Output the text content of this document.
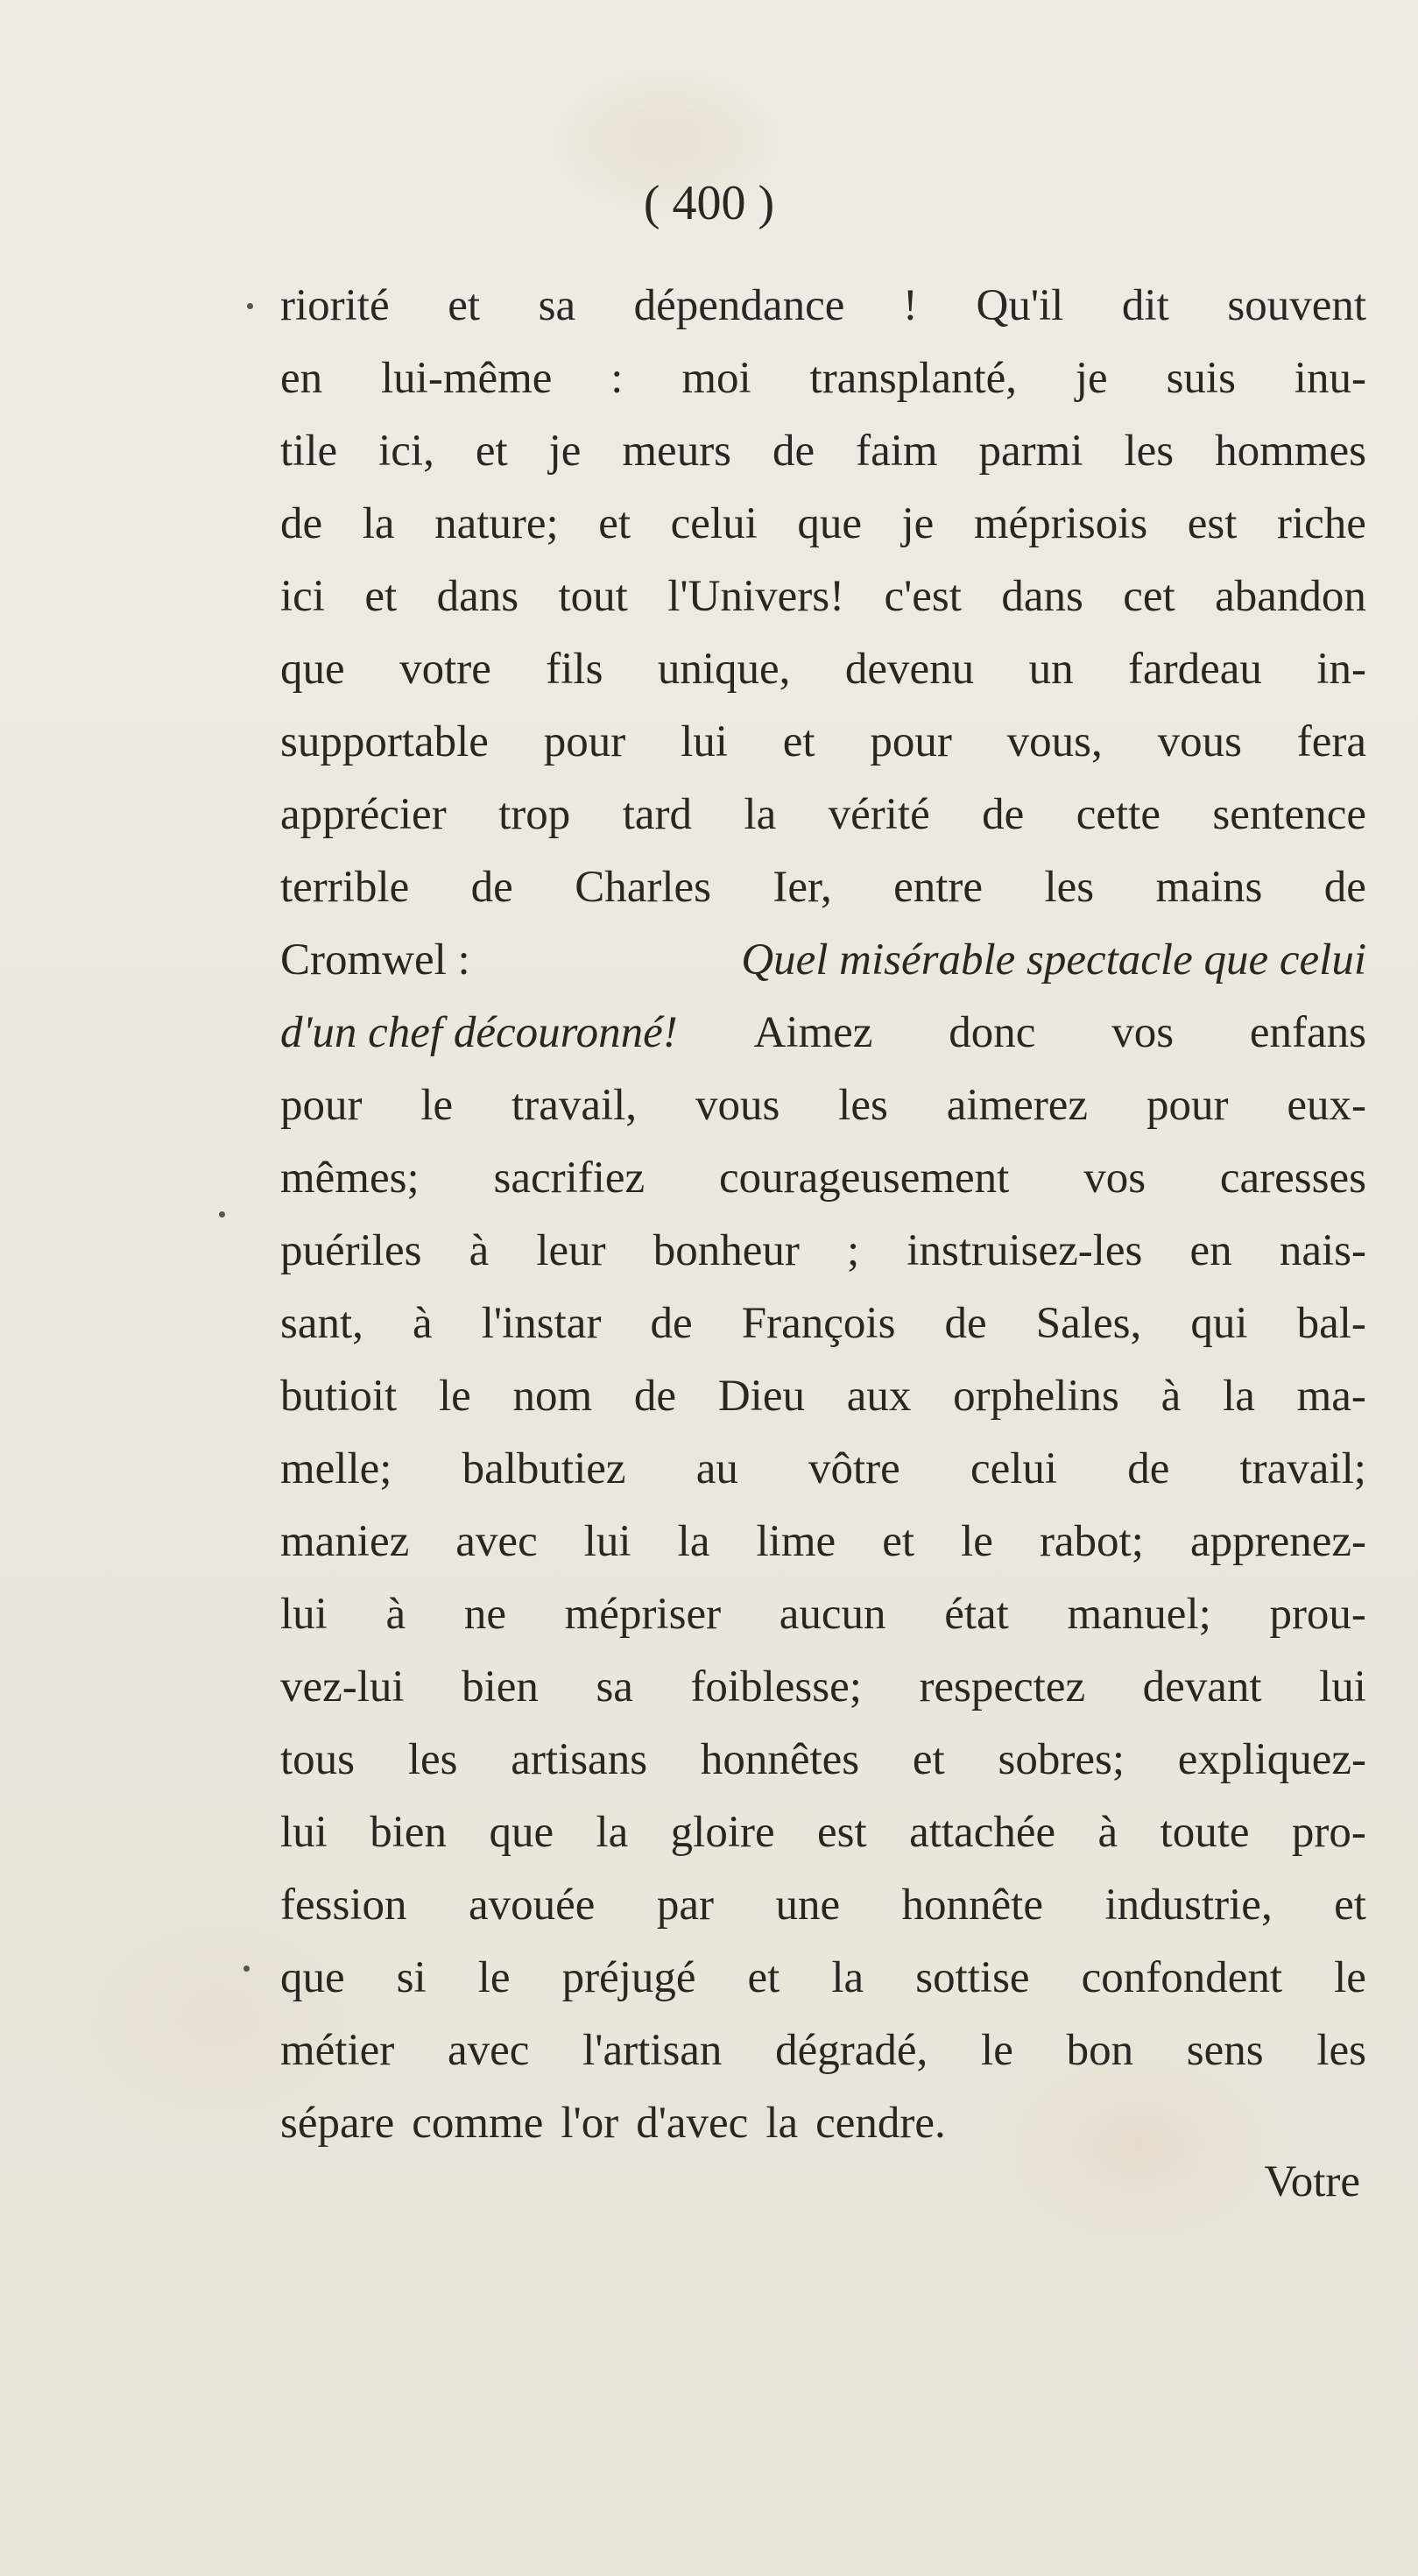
( 400 )
riorité et sa dépendance ! Qu'il dit souvent
en lui-même : moi transplanté, je suis inu-
tile ici, et je meurs de faim parmi les hommes
de la nature; et celui que je méprisois est riche
ici et dans tout l'Univers! c'est dans cet abandon
que votre fils unique, devenu un fardeau in-
supportable pour lui et pour vous, vous fera
apprécier trop tard la vérité de cette sentence
terrible de Charles Ier, entre les mains de
Cromwel :	Quel misérable spectacle que celui
d'un chef découronné! Aimez donc vos enfans
pour le travail, vous les aimerez pour eux-
mêmes; sacrifiez courageusement vos caresses
puériles à leur bonheur ; instruisez-les en nais-
sant, à l'instar de François de Sales, qui bal-
butioit le nom de Dieu aux orphelins à la ma-
melle; balbutiez au vôtre celui de travail;
maniez avec lui la lime et le rabot; apprenez-
lui à ne mépriser aucun état manuel; prou-
vez-lui bien sa foiblesse; respectez devant lui
tous les artisans honnêtes et sobres; expliquez-
lui bien que la gloire est attachée à toute pro-
fession avouée par une honnête industrie, et
que si le préjugé et la sottise confondent le
métier avec l'artisan dégradé, le bon sens les
sépare comme l'or d'avec la cendre.
Votre
